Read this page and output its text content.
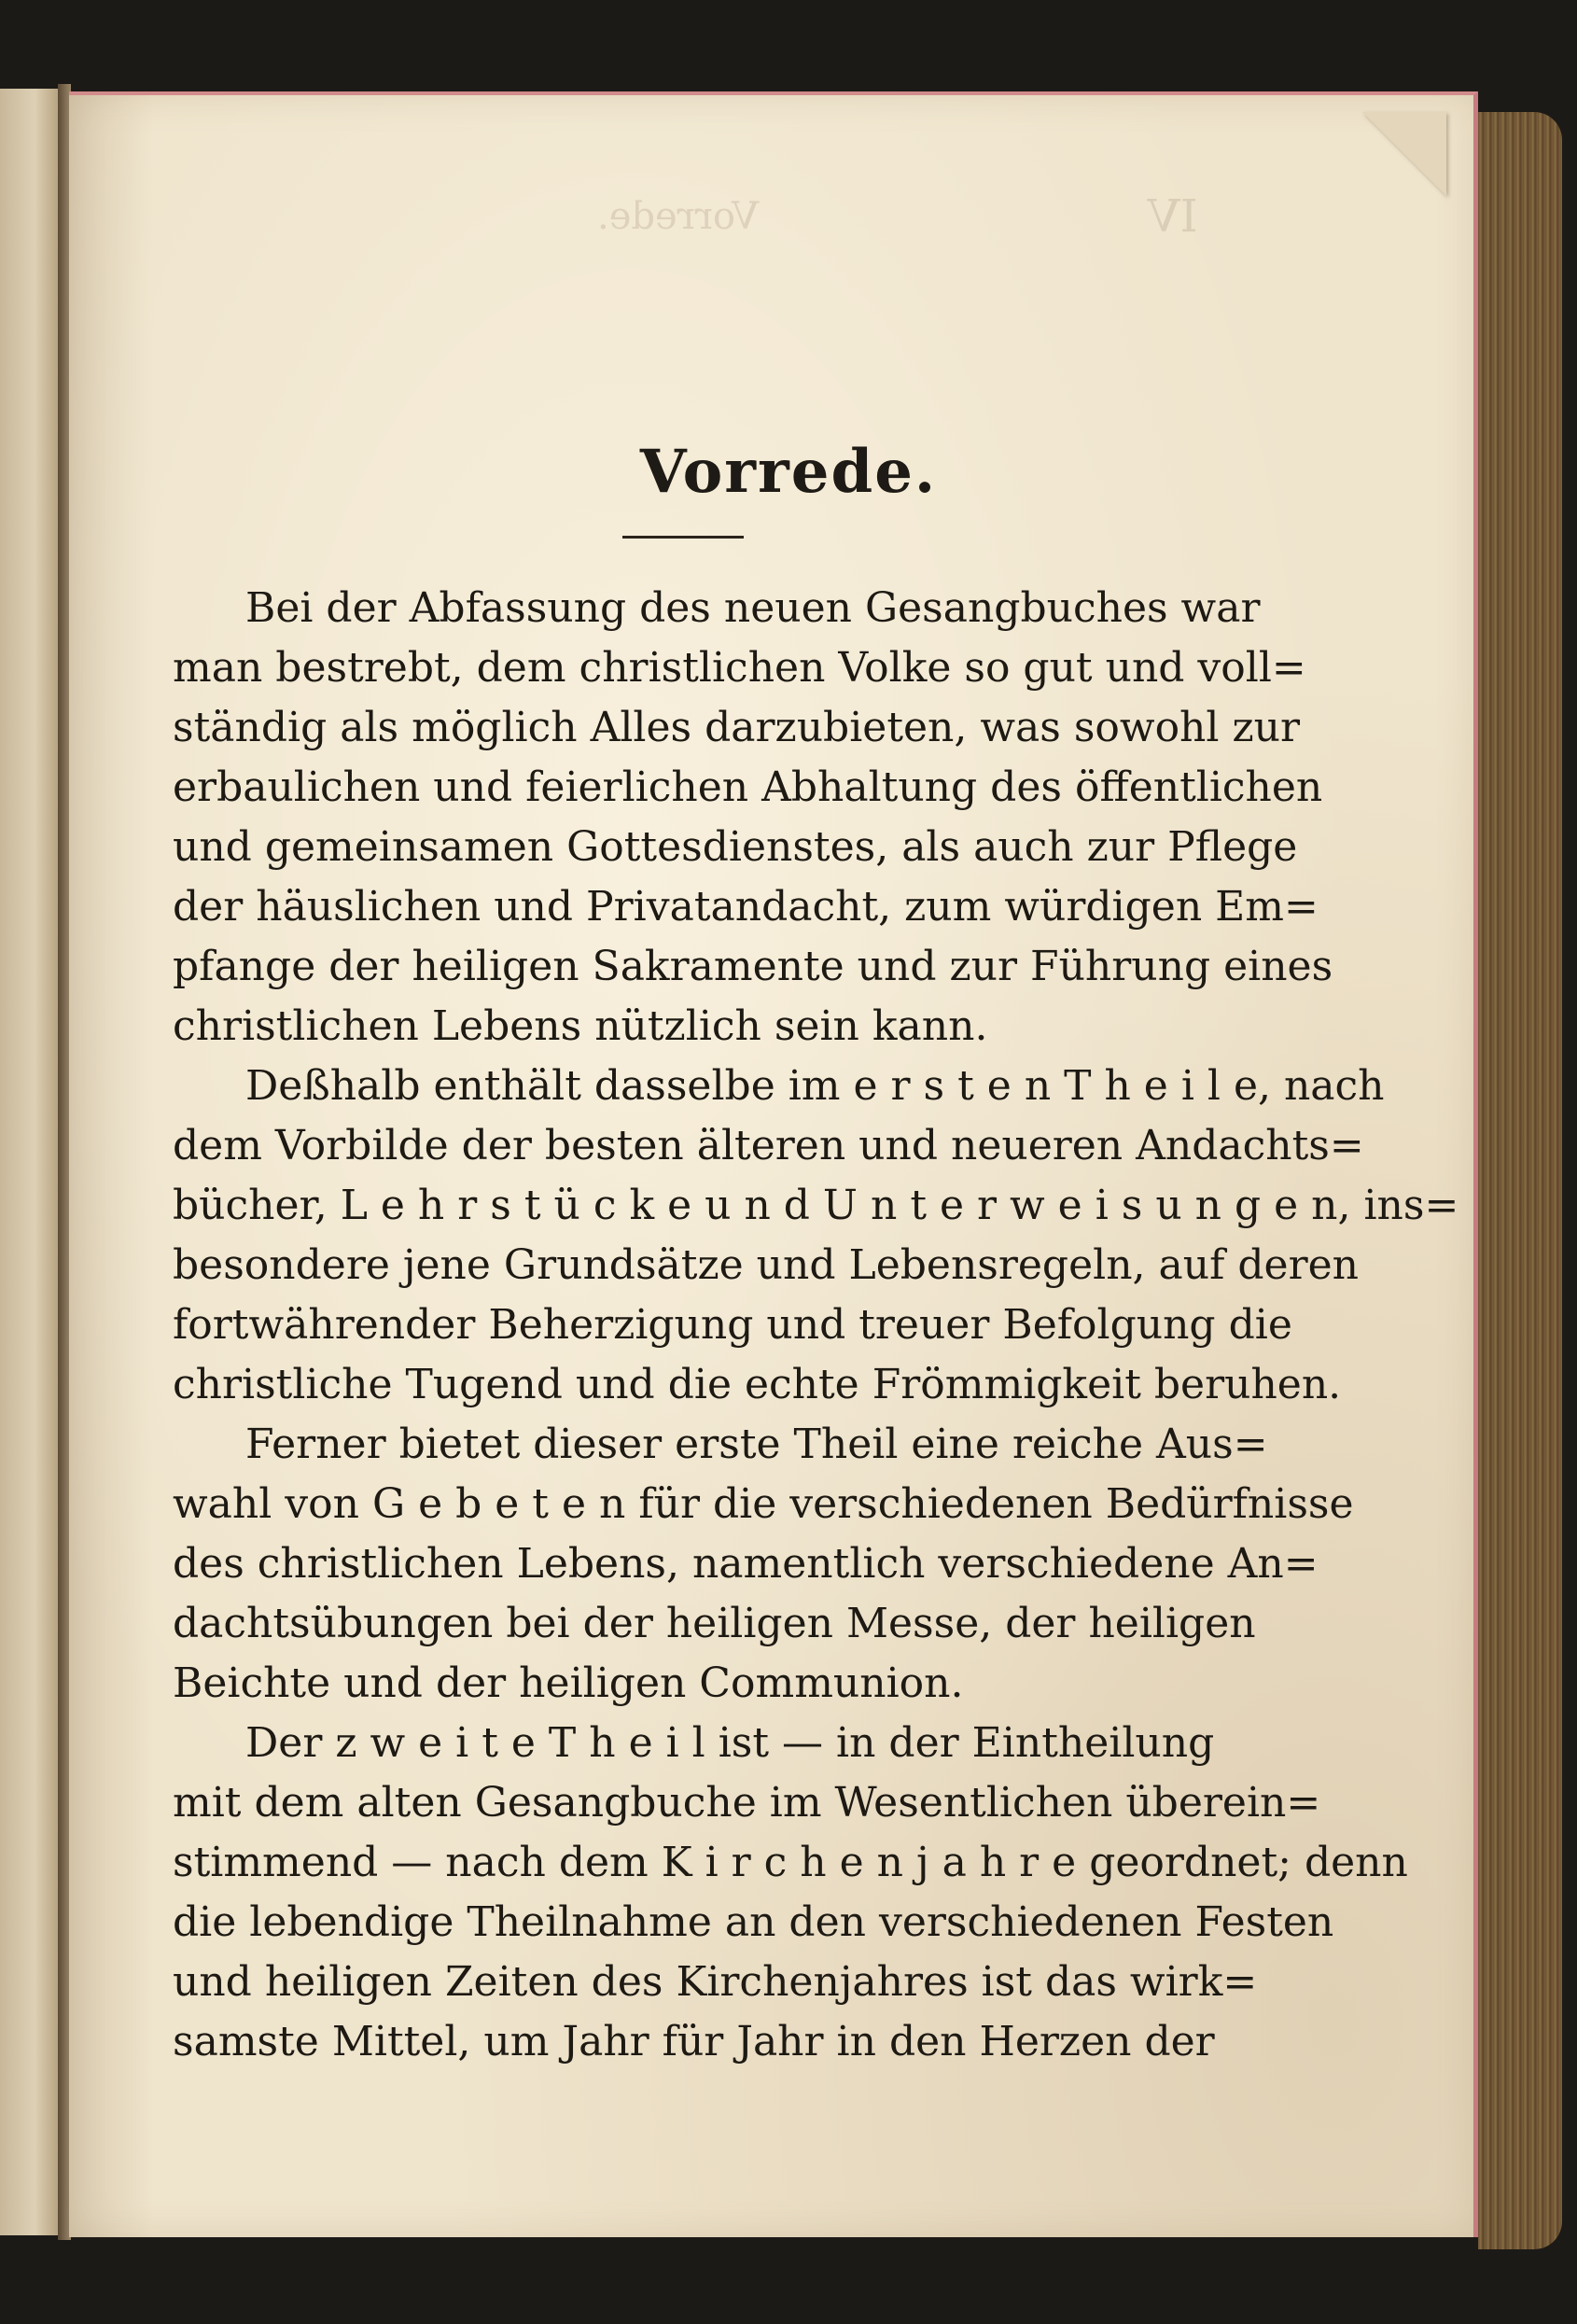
Vorrede.
Bei der Abfassung des neuen Gesangbuches war
man bestrebt, dem christlichen Volke so gut und voll=
ständig als möglich Alles darzubieten, was sowohl zur
erbaulichen und feierlichen Abhaltung des öffentlichen
und gemeinsamen Gottesdienstes, als auch zur Pflege
der häuslichen und Privatandacht, zum würdigen Em=
pfange der heiligen Sakramente und zur Führung eines
christlichen Lebens nützlich sein kann.
Deßhalb enthält dasselbe im e r s t e n T h e i l e, nach
dem Vorbilde der besten älteren und neueren Andachts=
bücher, L e h r s t ü c k e u n d U n t e r w e i s u n g e n, ins=
besondere jene Grundsätze und Lebensregeln, auf deren
fortwährender Beherzigung und treuer Befolgung die
christliche Tugend und die echte Frömmigkeit beruhen.
Ferner bietet dieser erste Theil eine reiche Aus=
wahl von G e b e t e n für die verschiedenen Bedürfnisse
des christlichen Lebens, namentlich verschiedene An=
dachtsübungen bei der heiligen Messe, der heiligen
Beichte und der heiligen Communion.
Der z w e i t e T h e i l ist — in der Eintheilung
mit dem alten Gesangbuche im Wesentlichen überein=
stimmend — nach dem K i r c h e n j a h r e geordnet; denn
die lebendige Theilnahme an den verschiedenen Festen
und heiligen Zeiten des Kirchenjahres ist das wirk=
samste Mittel, um Jahr für Jahr in den Herzen der
